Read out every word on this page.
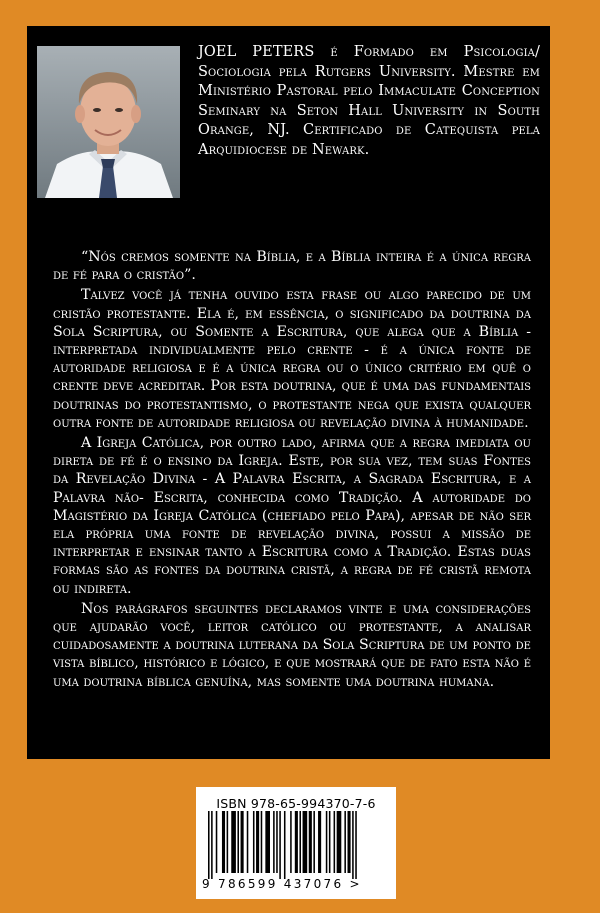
JOEL PETERS é Formado em Psicologia/ Sociologia pela Rutgers University. Mestre em Ministério Pastoral pelo Immaculate Conception Seminary na Seton Hall University in South Orange, NJ. Certificado de Catequista pela Arquidiocese de Newark.

“Nós cremos somente na Bíblia, e a Bíblia inteira é a única regra de fé para o cristão”.

Talvez você já tenha ouvido esta frase ou algo parecido de um cristão protestante. Ela é, em essência, o significado da doutrina da Sola Scriptura, ou Somente a Escritura, que alega que a Bíblia - interpretada individualmente pelo crente - é a única fonte de autoridade religiosa e é a única regra ou o único critério em quê o crente deve acreditar. Por esta doutrina, que é uma das fundamentais doutrinas do protestantismo, o protestante nega que exista qualquer outra fonte de autoridade religiosa ou revelação divina à humanidade.

A Igreja Católica, por outro lado, afirma que a regra imediata ou direta de fé é o ensino da Igreja. Este, por sua vez, tem suas Fontes da Revelação Divina - A Palavra Escrita, a Sagrada Escritura, e a Palavra não- Escrita, conhecida como Tradição. A autoridade do Magistério da Igreja Católica (chefiado pelo Papa), apesar de não ser ela própria uma fonte de revelação divina, possui a missão de interpretar e ensinar tanto a Escritura como a Tradição. Estas duas formas são as fontes da doutrina cristã, a regra de fé cristã remota ou indireta.

Nos parágrafos seguintes declaramos vinte e uma considerações que ajudarão você, leitor católico ou protestante, a analisar cuidadosamente a doutrina luterana da Sola Scriptura de um ponto de vista bíblico, histórico e lógico, e que mostrará que de fato esta não é uma doutrina bíblica genuína, mas somente uma doutrina humana.

ISBN 978-65-994370-7-6
9 786599 437076 >
